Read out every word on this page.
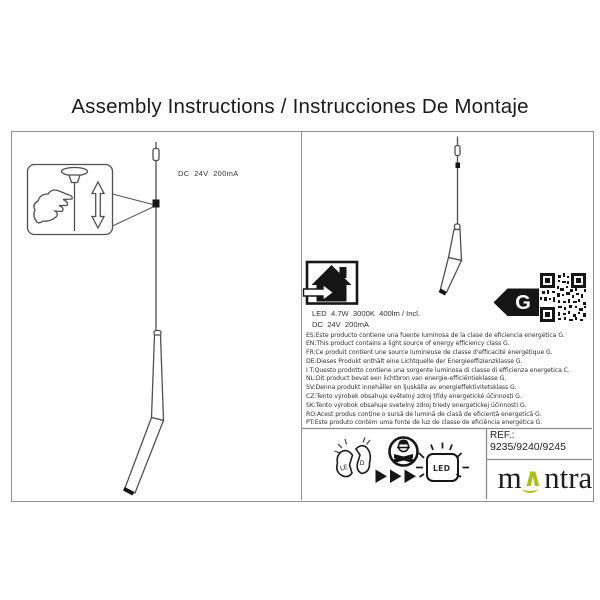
Assembly Instructions / Instrucciones De Montaje
DC  24V  200mA
LE D
LED
LED  4.7W  3000K  400lm / Incl.
DC  24V  200mA
ES:Este producto contiene una fuente luminosa de la clase de eficiencia energética G.
EN:This product contains a light source of energy efficiency class G.
FR:Ce produit contient une source lumineuse de classe d'efficacité énergétique G.
DE:Dieses Produkt enthält eine Lichtquelle der Energieeffizienzklasse G.
I T:Questo prodotto contiene una sorgente luminosa di classe di efficienza energetica C.
NL:Dit product bevat een lichtbron van energie-efficiëntieklasse G.
SV:Denna produkt innehåller en ljuskälla av energieffektivitetsklass G.
CZ:Tento výrobek obsahuje světelný zdroj třídy energetické účinnosti G.
SK:Tento výrobok obsahuje svetelný zdroj triedy energetickej účinnosti G.
RO:Acest produs conține o sursă de lumină de clasă de eficiență energetică G.
PT:Este produto contém uma fonte de luz de classe de eficiência energética G.
G
REF.:
9235/9240/9245
m∧ntra
